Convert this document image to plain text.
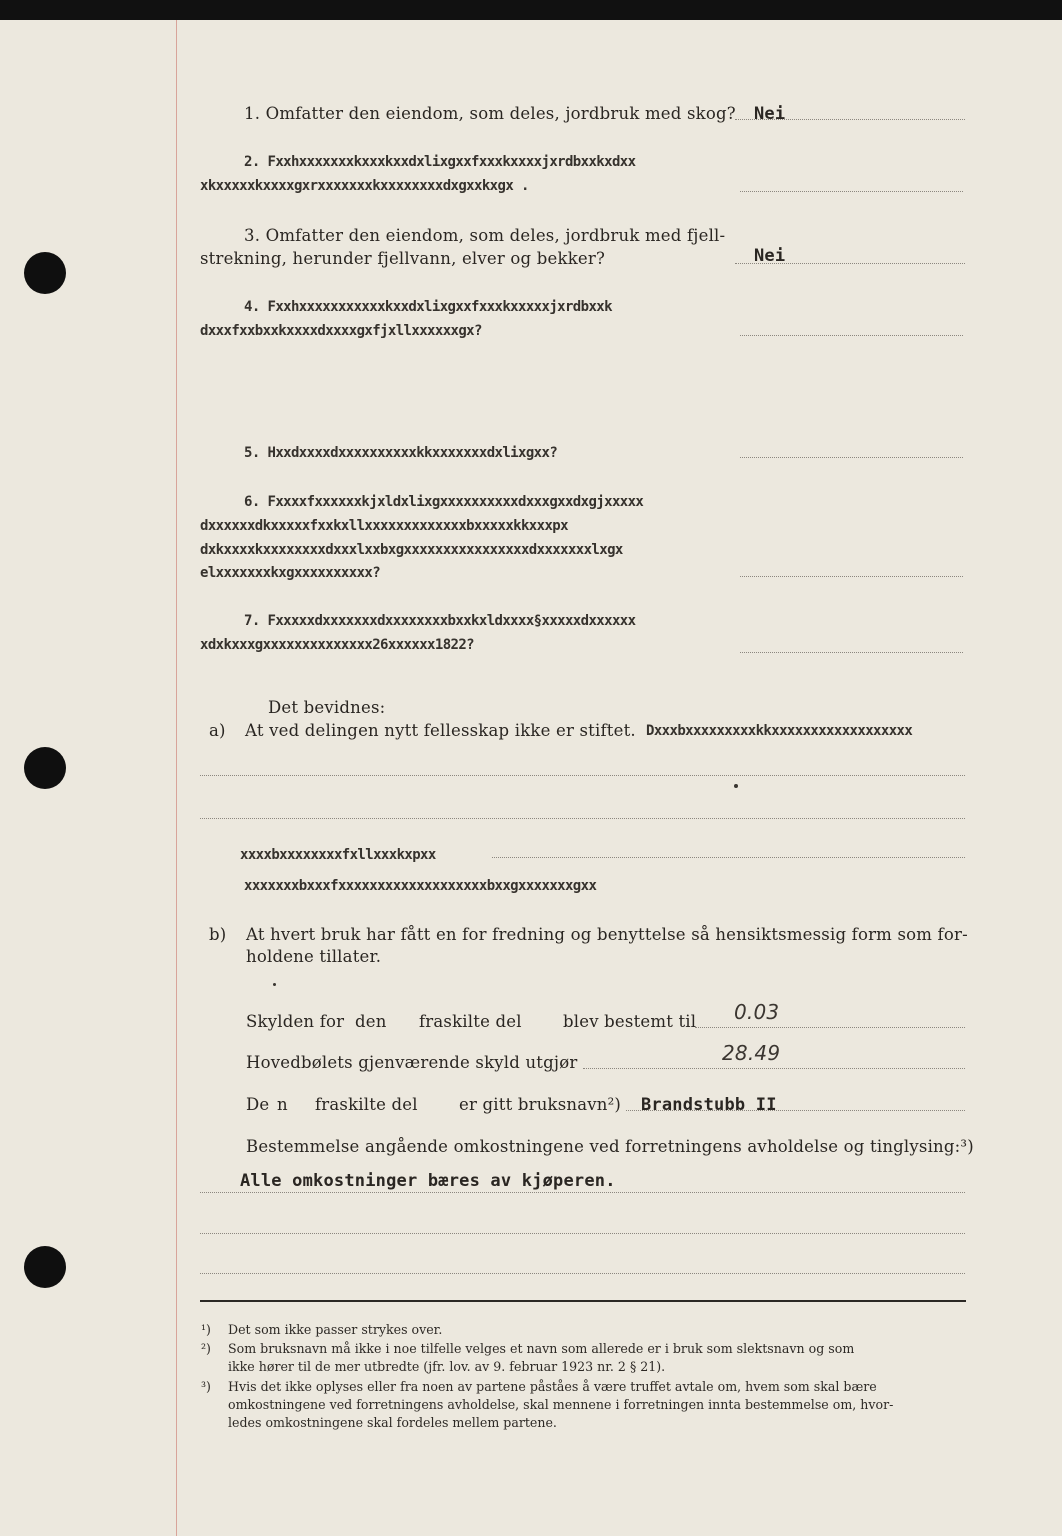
1. Omfatter den eiendom, som deles, jordbruk med skog? Nei
2. Fxxhxxxxxxxkxxxkxxdxlixgxxfxxxkxxxxjxrdbxxkxdxx
xkxxxxxkxxxxgxrxxxxxxxkxxxxxxxxdxgxxkxgx .
3. Omfatter den eiendom, som deles, jordbruk med fjell-
strekning, herunder fjellvann, elver og bekker?	Nei
4. Fxxhxxxxxxxxxxxkxxdxlixgxxfxxxkxxxxxjxrdbxxk
dxxxfxxbxxkxxxxdxxxxgxfjxllxxxxxxgx?
5. Hxxdxxxxdxxxxxxxxxxkkxxxxxxxdxlixgxx?
6. Fxxxxfxxxxxxkjxldxlixgxxxxxxxxxxdxxxgxxdxgjxxxxx
dxxxxxxdkxxxxxfxxkxllxxxxxxxxxxxxxbxxxxxkkxxxpx
dxkxxxxkxxxxxxxxdxxxlxxbxgxxxxxxxxxxxxxxxxdxxxxxxxlxgx
elxxxxxxxkxgxxxxxxxxxx?
7. Fxxxxxdxxxxxxxdxxxxxxxxbxxkxldxxxx§xxxxxdxxxxxx
xdxkxxxgxxxxxxxxxxxxxx26xxxxxx1822?
Det bevidnes:
a) At ved delingen nytt fellesskap ikke er stiftet. Dxxxbxxxxxxxxxkkxxxxxxxxxxxxxxxxxx
xxxxbxxxxxxxxfxllxxxkxpxx
xxxxxxxbxxxfxxxxxxxxxxxxxxxxxxxbxxgxxxxxxxgxx
b) At hvert bruk har fått en for fredning og benyttelse så hensiktsmessig form som for-
holdene tillater.
Skylden for den fraskilte del	blev bestemt til 0.03
Hovedbølets gjenværende skyld utgjør	28.49
De n fraskilte del	er gitt bruksnavn²) Brandstubb II
Bestemmelse angående omkostningene ved forretningens avholdelse og tinglysing:³)
Alle omkostninger bæres av kjøperen.
¹) Det som ikke passer strykes over.
²) Som bruksnavn må ikke i noe tilfelle velges et navn som allerede er i bruk som slektsnavn og som
ikke hører til de mer utbredte (jfr. lov. av 9. februar 1923 nr. 2 § 21).
³) Hvis det ikke oplyses eller fra noen av partene påståes å være truffet avtale om, hvem som skal bære
omkostningene ved forretningens avholdelse, skal mennene i forretningen innta bestemmelse om, hvor-
ledes omkostningene skal fordeles mellem partene.
